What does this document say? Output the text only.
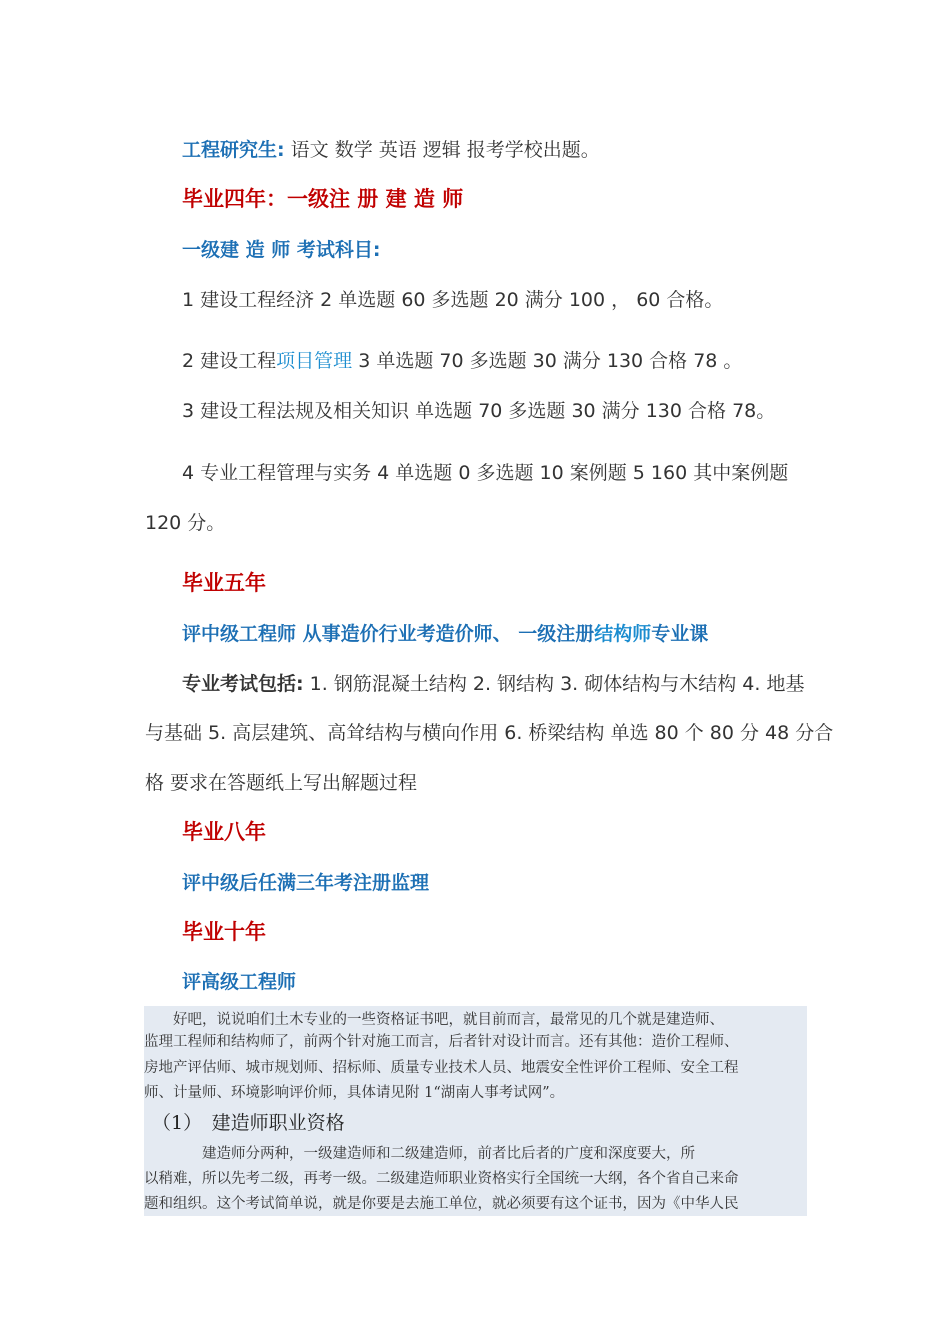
工程研究生: 语文 数学 英语 逻辑 报考学校出题。
毕业四年：一级注 册 建 造 师
一级建 造 师 考试科目:
1 建设工程经济 2 单选题 60 多选题 20 满分 100 ， 60 合格。
2 建设工程项目管理 3 单选题 70 多选题 30 满分 130 合格 78 。
3 建设工程法规及相关知识 单选题 70 多选题 30 满分 130 合格 78。
4 专业工程管理与实务 4 单选题 0 多选题 10 案例题 5 160 其中案例题
120 分。
毕业五年
评中级工程师 从事造价行业考造价师、 一级注册结构师专业课
专业考试包括: 1. 钢筋混凝土结构 2. 钢结构 3. 砌体结构与木结构 4. 地基
与基础 5. 高层建筑、高耸结构与横向作用 6. 桥梁结构 单选 80 个 80 分 48 分合
格 要求在答题纸上写出解题过程
毕业八年
评中级后任满三年考注册监理
毕业十年
评高级工程师
　　好吧，说说咱们土木专业的一些资格证书吧，就目前而言，最常见的几个就是建造师、
监理工程师和结构师了，前两个针对施工而言，后者针对设计而言。还有其他：造价工程师、
房地产评估师、城市规划师、招标师、质量专业技术人员、地震安全性评价工程师、安全工程
师、计量师、环境影响评价师，具体请见附 1“湖南人事考试网”。
（1）　建造师职业资格
　　　　建造师分两种，一级建造师和二级建造师，前者比后者的广度和深度要大，所
以稍难，所以先考二级，再考一级。二级建造师职业资格实行全国统一大纲，各个省自己来命
题和组织。这个考试简单说，就是你要是去施工单位，就必须要有这个证书，因为《中华人民
